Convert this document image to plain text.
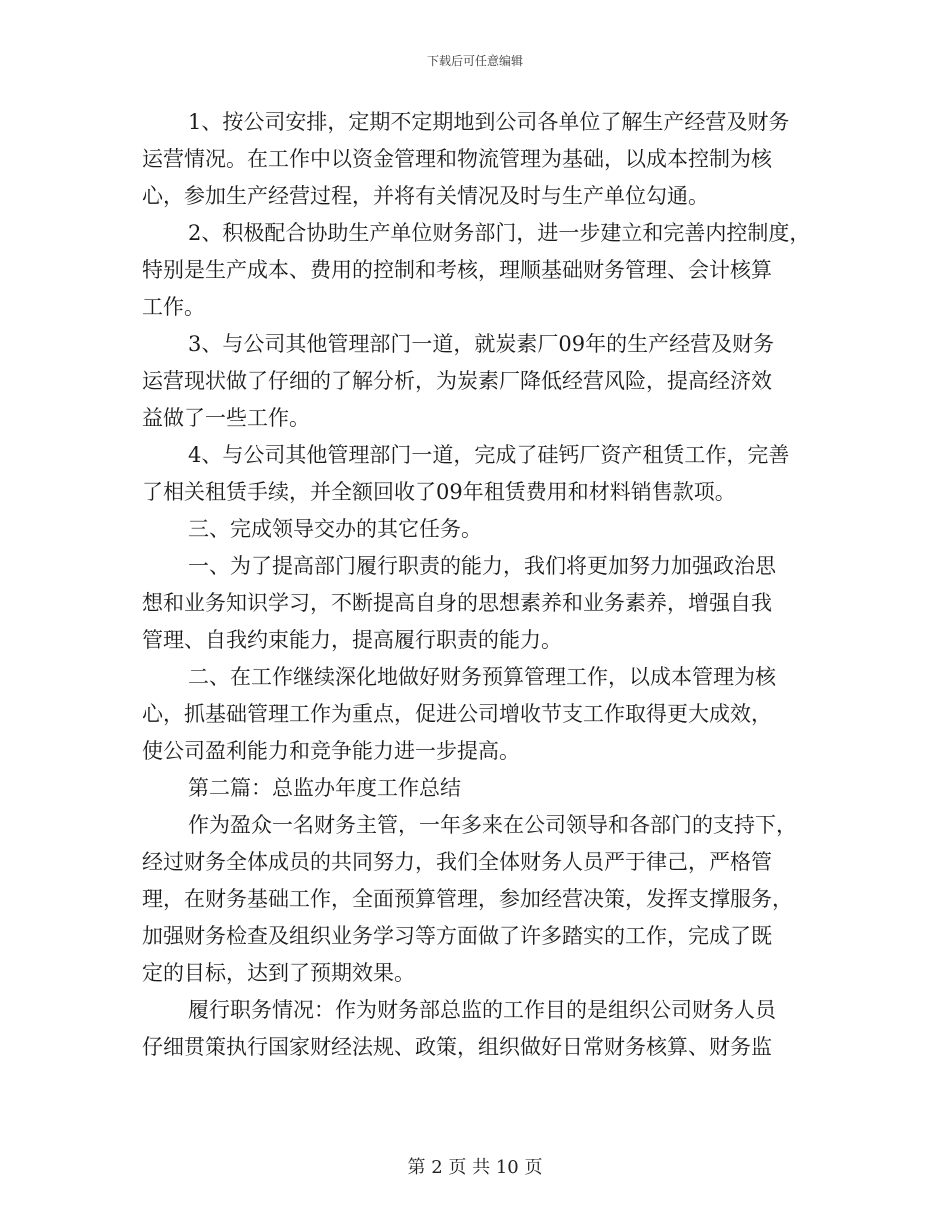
下载后可任意编辑
1、按公司安排，定期不定期地到公司各单位了解生产经营及财务
运营情况。在工作中以资金管理和物流管理为基础，以成本控制为核
心，参加生产经营过程，并将有关情况及时与生产单位勾通。
2、积极配合协助生产单位财务部门，进一步建立和完善内控制度，
特别是生产成本、费用的控制和考核，理顺基础财务管理、会计核算
工作。
3、与公司其他管理部门一道，就炭素厂09年的生产经营及财务
运营现状做了仔细的了解分析，为炭素厂降低经营风险，提高经济效
益做了一些工作。
4、与公司其他管理部门一道，完成了硅钙厂资产租赁工作，完善
了相关租赁手续，并全额回收了09年租赁费用和材料销售款项。
三、完成领导交办的其它任务。
一、为了提高部门履行职责的能力，我们将更加努力加强政治思
想和业务知识学习，不断提高自身的思想素养和业务素养，增强自我
管理、自我约束能力，提高履行职责的能力。
二、在工作继续深化地做好财务预算管理工作，以成本管理为核
心，抓基础管理工作为重点，促进公司增收节支工作取得更大成效，
使公司盈利能力和竞争能力进一步提高。
第二篇：总监办年度工作总结
作为盈众一名财务主管，一年多来在公司领导和各部门的支持下，
经过财务全体成员的共同努力，我们全体财务人员严于律己，严格管
理，在财务基础工作，全面预算管理，参加经营决策，发挥支撑服务，
加强财务检查及组织业务学习等方面做了许多踏实的工作，完成了既
定的目标，达到了预期效果。
履行职务情况：作为财务部总监的工作目的是组织公司财务人员
仔细贯策执行国家财经法规、政策，组织做好日常财务核算、财务监
第 2 页 共 10 页
